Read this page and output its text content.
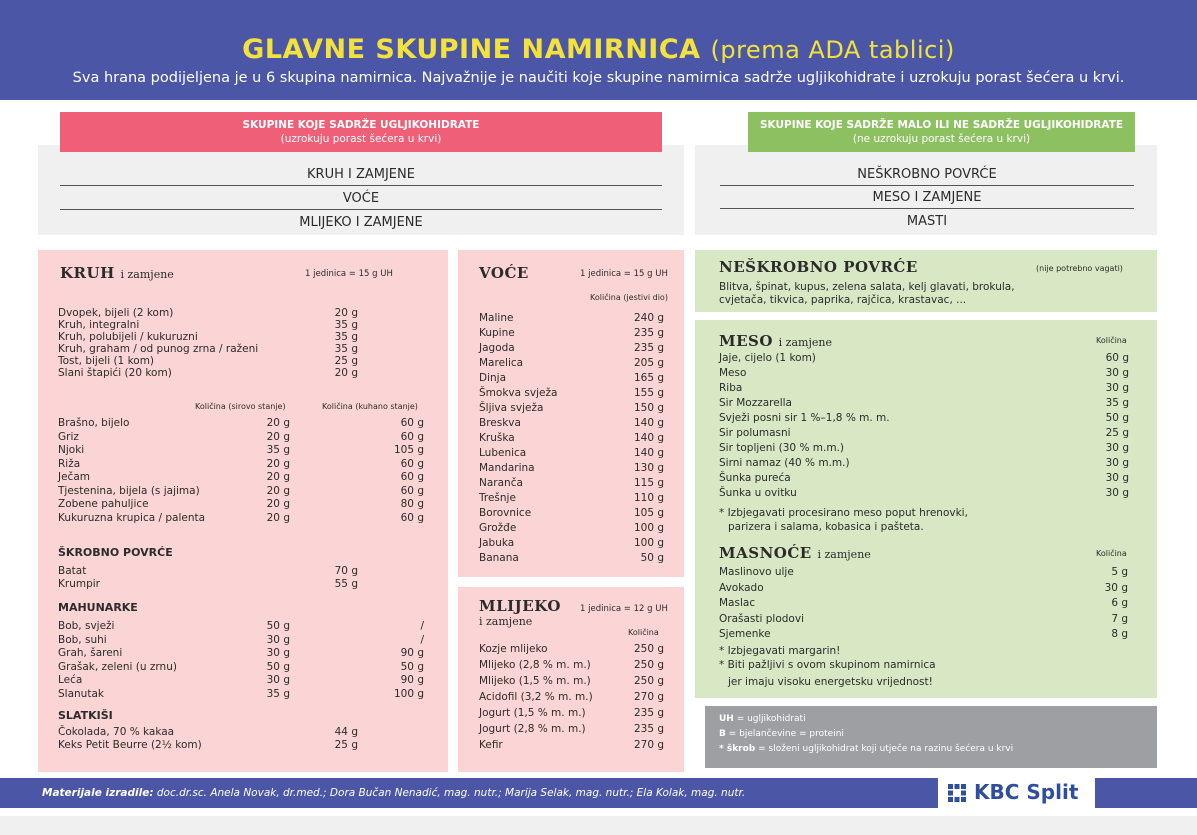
GLAVNE SKUPINE NAMIRNICA (prema ADA tablici)
Sva hrana podijeljena je u 6 skupina namirnica. Najvažnije je naučiti koje skupine namirnica sadrže ugljikohidrate i uzrokuju porast šećera u krvi.
SKUPINE KOJE SADRŽE UGLJIKOHIDRATE
(uzrokuju porast šećera u krvi)
SKUPINE KOJE SADRŽE MALO ILI NE SADRŽE UGLJIKOHIDRATE
(ne uzrokuju porast šećera u krvi)
KRUH I ZAMJENE
VOĆE
MLIJEKO I ZAMJENE
NEŠKROBNO POVRĆE
MESO I ZAMJENE
MASTI
KRUH i zamjene	1 jedinica = 15 g UH
Količina (sirovo stanje)	Količina (kuhano stanje)
ŠKROBNO POVRĆE
MAHUNARKE
SLATKIŠI
VOĆE	1 jedinica = 15 g UH
Količina (jestivi dio)
MLIJEKO
i zamjene
1 jedinica = 12 g UH
Količina
NEŠKROBNO POVRĆE	(nije potrebno vagati)
Blitva, špinat, kupus, zelena salata, kelj glavati, brokula,
cvjetača, tikvica, paprika, rajčica, krastavac, ...
MESO i zamjene	Količina
* Izbjegavati procesirano meso poput hrenovki,
parizera i salama, kobasica i pašteta.
MASNOĆE i zamjene	Količina
* Izbjegavati margarin!
* Biti pažljivi s ovom skupinom namirnica
jer imaju visoku energetsku vrijednost!
UH = ugljikohidrati
B = bjelančevine = proteini
* škrob = složeni ugljikohidrat koji utječe na razinu šećera u krvi
Materijale izradile: doc.dr.sc. Anela Novak, dr.med.; Dora Bučan Nenadić, mag. nutr.; Marija Selak, mag. nutr.; Ela Kolak, mag. nutr.	KBC Split
Dvopek, bijeli (2 kom)	20 g
Kruh, integralni	35 g
Kruh, polubijeli / kukuruzni	35 g
Kruh, graham / od punog zrna / raženi	35 g
Tost, bijeli (1 kom)	25 g
Slani štapići (20 kom)	20 g
Brašno, bijelo	20 g	60 g
Griz	20 g	60 g
Njoki	35 g	105 g
Riža	20 g	60 g
Ječam	20 g	60 g
Tjestenina, bijela (s jajima)	20 g	60 g
Zobene pahuljice	20 g	80 g
Kukuruzna krupica / palenta	20 g	60 g
Batat	70 g
Krumpir	55 g
Bob, svježi	50 g	/
Bob, suhi	30 g	/
Grah, šareni	30 g	90 g
Grašak, zeleni (u zrnu)	50 g	50 g
Leća	30 g	90 g
Slanutak	35 g	100 g
Čokolada, 70 % kakaa	44 g
Keks Petit Beurre (2½ kom)	25 g
Maline	240 g
Kupine	235 g
Jagoda	235 g
Marelica	205 g
Dinja	165 g
Šmokva svježa	155 g
Šljiva svježa	150 g
Breskva	140 g
Kruška	140 g
Lubenica	140 g
Mandarina	130 g
Naranča	115 g
Trešnje	110 g
Borovnice	105 g
Grožđe	100 g
Jabuka	100 g
Banana	50 g
Kozje mlijeko	250 g
Mlijeko (2,8 % m. m.)	250 g
Mlijeko (1,5 % m. m.)	250 g
Acidofil (3,2 % m. m.)	270 g
Jogurt (1,5 % m. m.)	235 g
Jogurt (2,8 % m. m.)	235 g
Kefir	270 g
Jaje, cijelo (1 kom)	60 g
Meso	30 g
Riba	30 g
Sir Mozzarella	35 g
Svježi posni sir 1 %–1,8 % m. m.	50 g
Sir polumasni	25 g
Sir topljeni (30 % m.m.)	30 g
Sirni namaz (40 % m.m.)	30 g
Šunka pureća	30 g
Šunka u ovitku	30 g
Maslinovo ulje	5 g
Avokado	30 g
Maslac	6 g
Orašasti plodovi	7 g
Sjemenke	8 g
